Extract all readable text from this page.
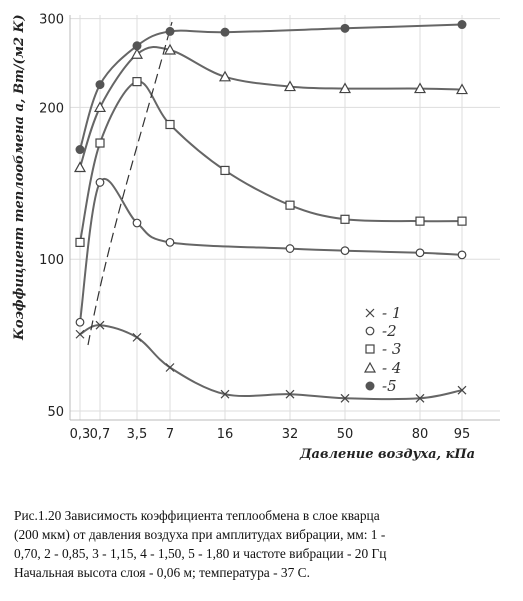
50
100
200
300
0,3 0,7 3,5 7	16	32	50	80 95
- 1
-2
- 3
- 4
-5
Давление воздуха, кПа
Коэффициент теплообмена а, Вт/(м2 К)
Рис.1.20 Зависимость коэффициента теплообмена в слое кварца
(200 мкм) от давления воздуха при амплитудах вибрации, мм: 1 -
0,70, 2 - 0,85, 3 - 1,15, 4 - 1,50, 5 - 1,80 и частоте вибрации - 20 Гц
Начальная высота слоя - 0,06 м; температура - 37 С.
